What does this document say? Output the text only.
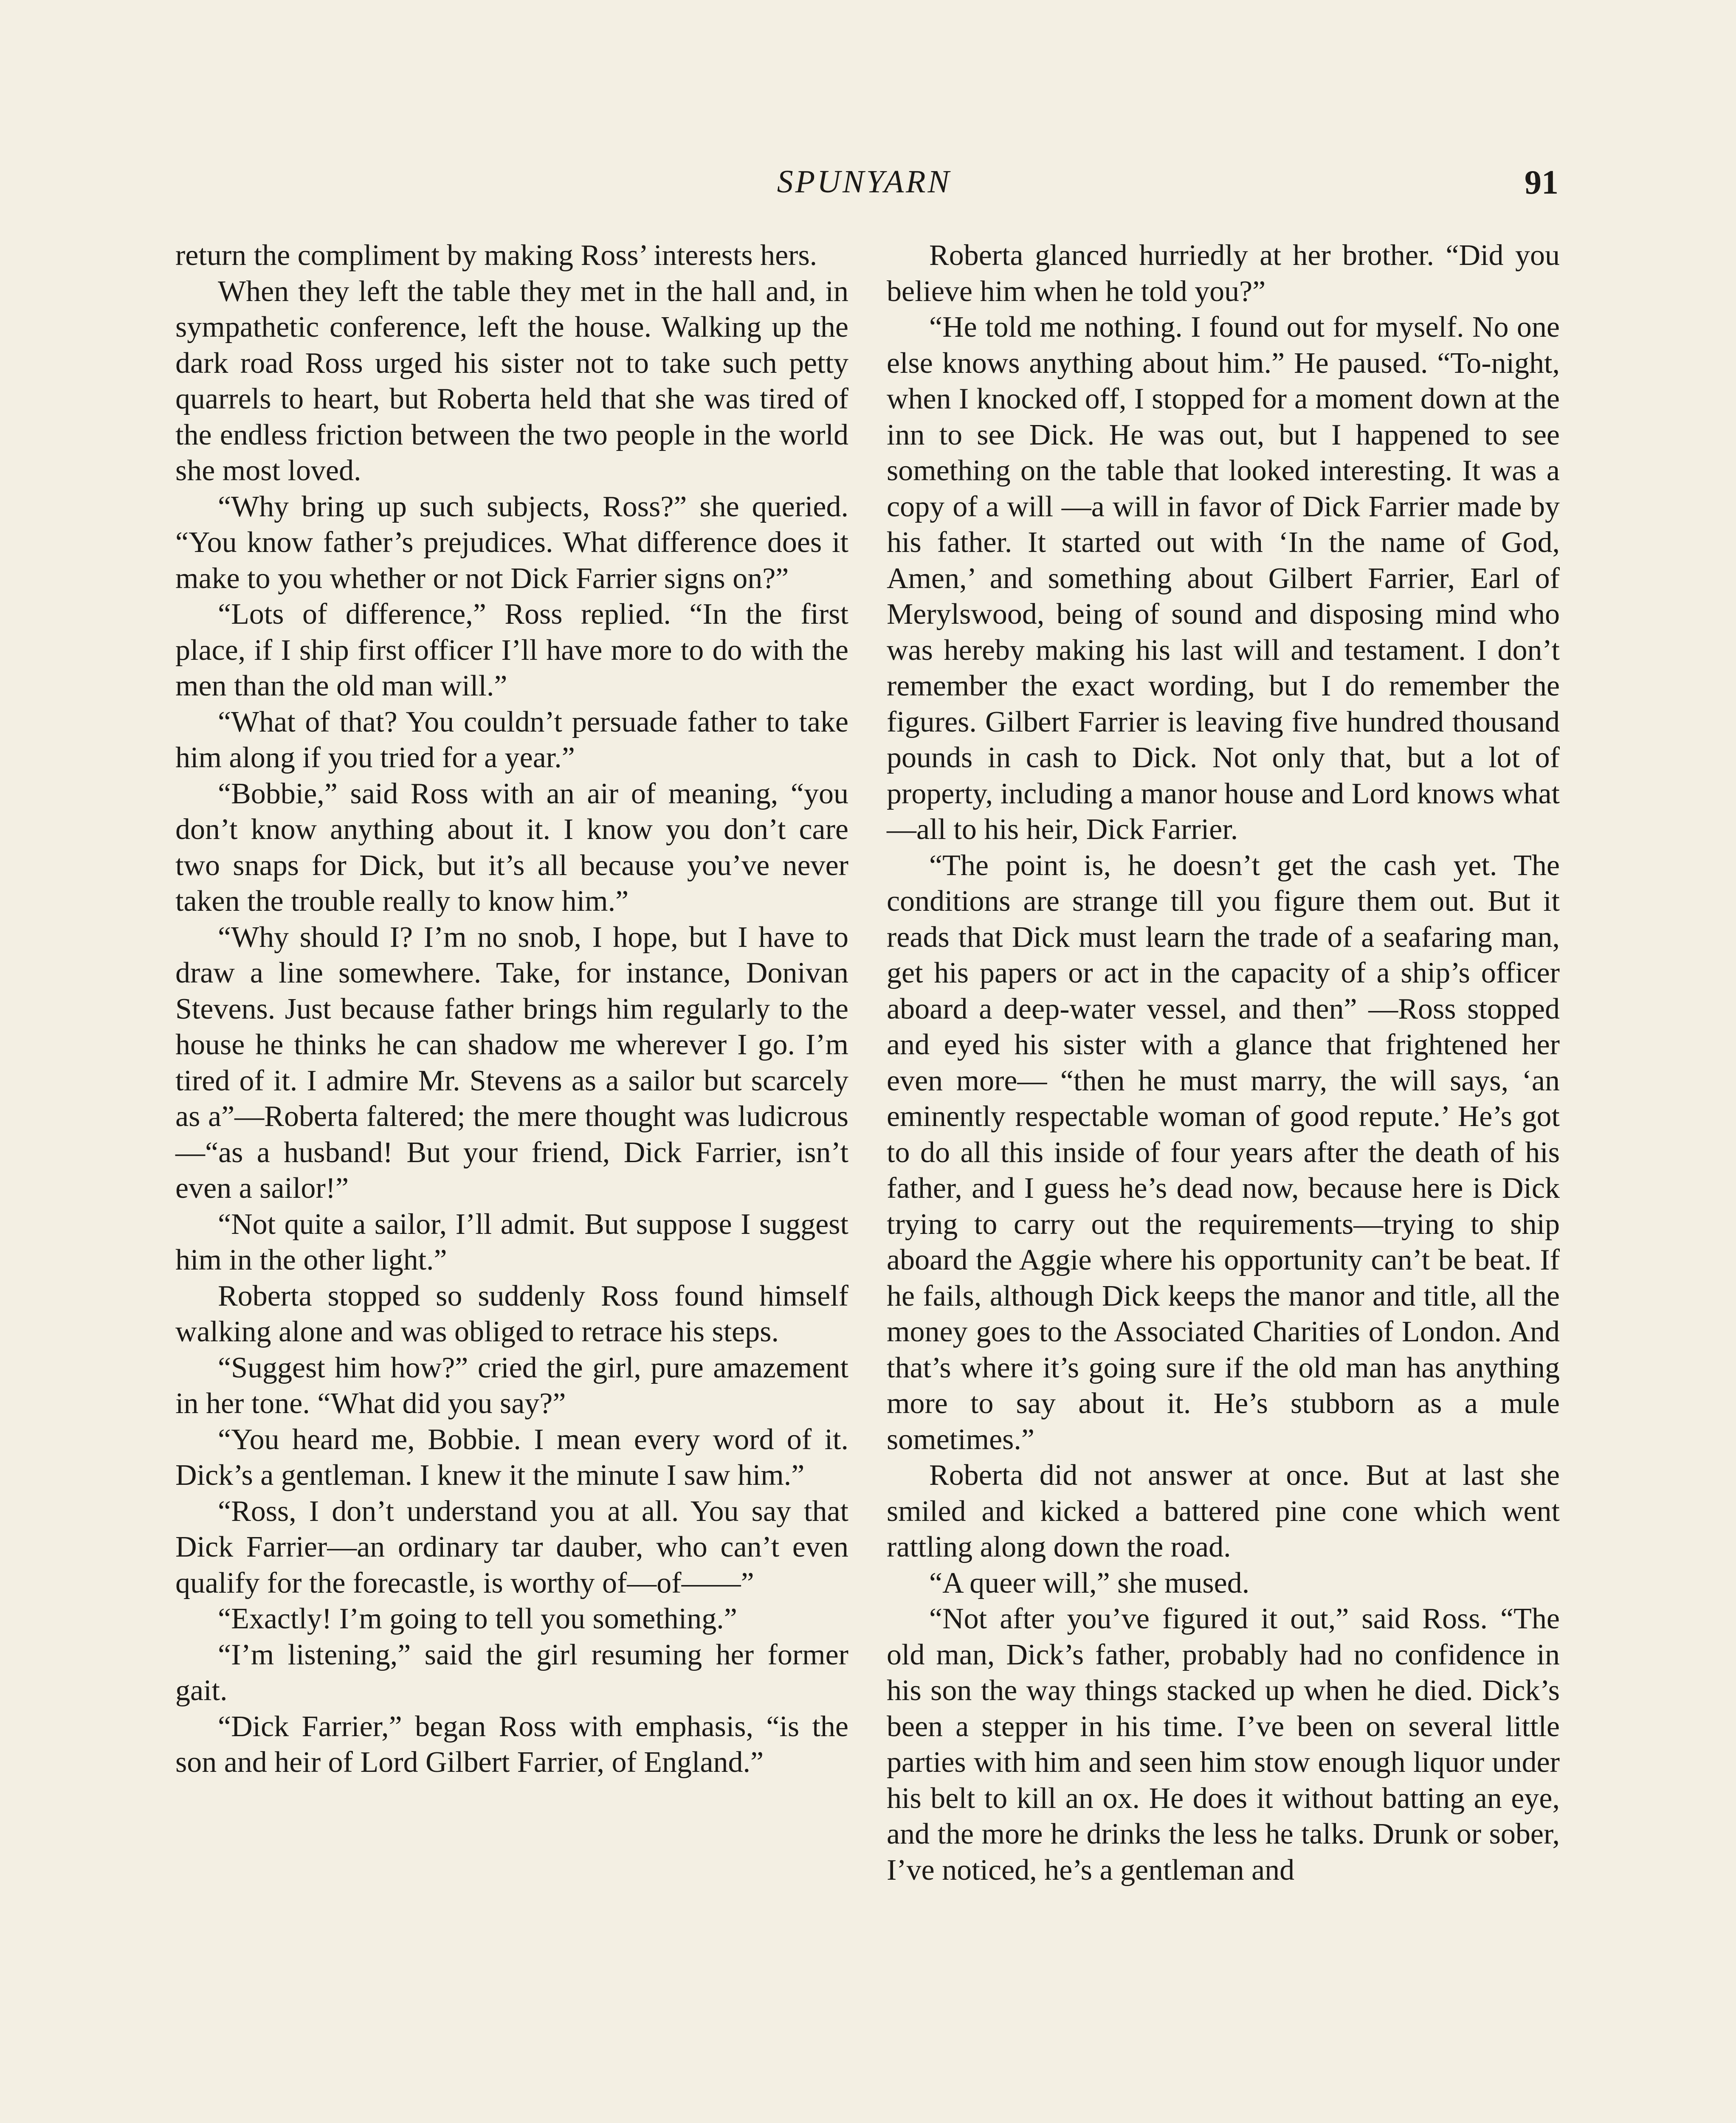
SPUNYARN	91

return the compliment by making Ross’ interests hers.

When they left the table they met in the hall and, in sympathetic conference, left the house. Walking up the dark road Ross urged his sister not to take such petty quarrels to heart, but Roberta held that she was tired of the endless friction between the two people in the world she most loved.

“Why bring up such subjects, Ross?” she queried. “You know father’s prejudices. What difference does it make to you whether or not Dick Farrier signs on?”

“Lots of difference,” Ross replied. “In the first place, if I ship first officer I’ll have more to do with the men than the old man will.”

“What of that? You couldn’t persuade father to take him along if you tried for a year.”

“Bobbie,” said Ross with an air of meaning, “you don’t know anything about it. I know you don’t care two snaps for Dick, but it’s all because you’ve never taken the trouble really to know him.”

“Why should I? I’m no snob, I hope, but I have to draw a line somewhere. Take, for instance, Donivan Stevens. Just because father brings him regularly to the house he thinks he can shadow me wherever I go. I’m tired of it. I admire Mr. Stevens as a sailor but scarcely as a”—Roberta faltered; the mere thought was ludicrous—“as a husband! But your friend, Dick Farrier, isn’t even a sailor!”

“Not quite a sailor, I’ll admit. But suppose I suggest him in the other light.”

Roberta stopped so suddenly Ross found himself walking alone and was obliged to retrace his steps.

“Suggest him how?” cried the girl, pure amazement in her tone. “What did you say?”

“You heard me, Bobbie. I mean every word of it. Dick’s a gentleman. I knew it the minute I saw him.”

“Ross, I don’t understand you at all. You say that Dick Farrier—an ordinary tar dauber, who can’t even qualify for the forecastle, is worthy of—of——”

“Exactly! I’m going to tell you something.”

“I’m listening,” said the girl resuming her former gait.

“Dick Farrier,” began Ross with emphasis, “is the son and heir of Lord Gilbert Farrier, of England.”

Roberta glanced hurriedly at her brother. “Did you believe him when he told you?”

“He told me nothing. I found out for myself. No one else knows anything about him.” He paused. “To-night, when I knocked off, I stopped for a moment down at the inn to see Dick. He was out, but I happened to see something on the table that looked interesting. It was a copy of a will —a will in favor of Dick Farrier made by his father. It started out with ‘In the name of God, Amen,’ and something about Gilbert Farrier, Earl of Merylswood, being of sound and disposing mind who was hereby making his last will and testament. I don’t remember the exact wording, but I do remember the figures. Gilbert Farrier is leaving five hundred thousand pounds in cash to Dick. Not only that, but a lot of property, including a manor house and Lord knows what—all to his heir, Dick Farrier.

“The point is, he doesn’t get the cash yet. The conditions are strange till you figure them out. But it reads that Dick must learn the trade of a seafaring man, get his papers or act in the capacity of a ship’s officer aboard a deep-water vessel, and then” —Ross stopped and eyed his sister with a glance that frightened her even more— “then he must marry, the will says, ‘an eminently respectable woman of good repute.’ He’s got to do all this inside of four years after the death of his father, and I guess he’s dead now, because here is Dick trying to carry out the requirements—trying to ship aboard the Aggie where his opportunity can’t be beat. If he fails, although Dick keeps the manor and title, all the money goes to the Associated Charities of London. And that’s where it’s going sure if the old man has anything more to say about it. He’s stubborn as a mule sometimes.”

Roberta did not answer at once. But at last she smiled and kicked a battered pine cone which went rattling along down the road.

“A queer will,” she mused.

“Not after you’ve figured it out,” said Ross. “The old man, Dick’s father, probably had no confidence in his son the way things stacked up when he died. Dick’s been a stepper in his time. I’ve been on several little parties with him and seen him stow enough liquor under his belt to kill an ox. He does it without batting an eye, and the more he drinks the less he talks. Drunk or sober, I’ve noticed, he’s a gentleman and
